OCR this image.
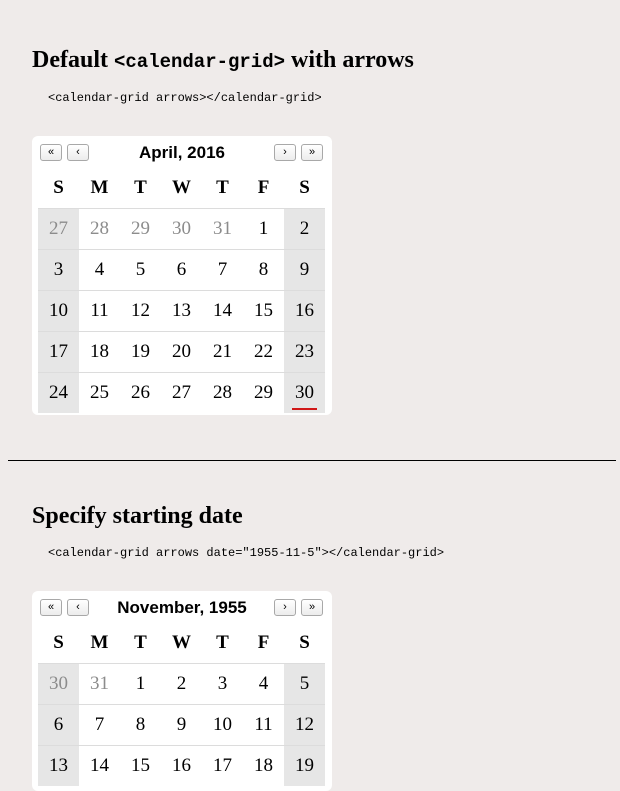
Default <calendar-grid> with arrows
<calendar-grid arrows></calendar-grid>
«	‹	April, 2016	›	»
S	M	T	W	T	F	S
27	28	29	30	31	1	2
3	4	5	6	7	8	9
10	11	12	13	14	15	16
17	18	19	20	21	22	23
24	25	26	27	28	29	30
Specify starting date
<calendar-grid arrows date="1955-11-5"></calendar-grid>
«	‹	November, 1955	›	»
S	M	T	W	T	F	S
30	31	1	2	3	4	5
6	7	8	9	10	11	12
13	14	15	16	17	18	19
